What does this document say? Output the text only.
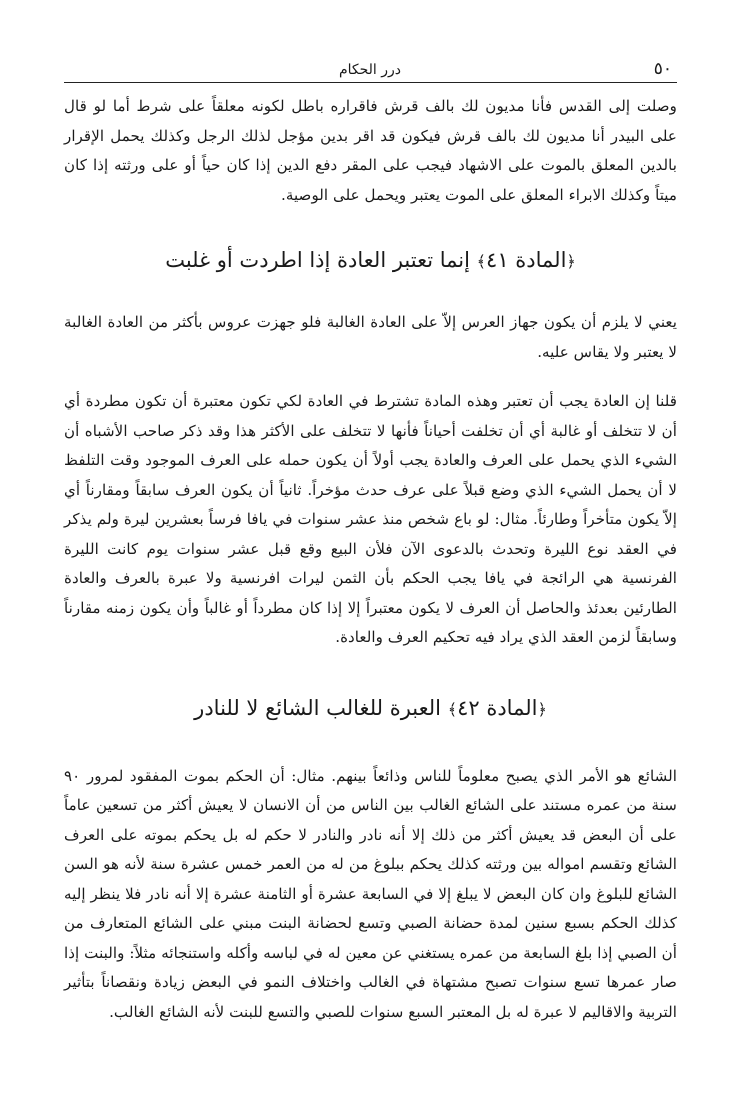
٥٠
درر الحكام

وصلت إلى القدس فأنا مديون لك بالف قرش فاقراره باطل لكونه معلقاً على شرط أما لو قال على البيدر أنا مديون لك بالف قرش فيكون قد اقر بدين مؤجل لذلك الرجل وكذلك يحمل الإقرار بالدين المعلق بالموت على الاشهاد فيجب على المقر دفع الدين إذا كان حياً أو على ورثته إذا كان ميتاً وكذلك الابراء المعلق على الموت يعتبر ويحمل على الوصية.

﴿المادة ٤١﴾ إنما تعتبر العادة إذا اطردت أو غلبت

يعني لا يلزم أن يكون جهاز العرس إلاّ على العادة الغالبة فلو جهزت عروس بأكثر من العادة الغالبة لا يعتبر ولا يقاس عليه.

قلنا إن العادة يجب أن تعتبر وهذه المادة تشترط في العادة لكي تكون معتبرة أن تكون مطردة أي أن لا تتخلف أو غالبة أي أن تخلفت أحياناً فأنها لا تتخلف على الأكثر هذا وقد ذكر صاحب الأشباه أن الشيء الذي يحمل على العرف والعادة يجب أولاً أن يكون حمله على العرف الموجود وقت التلفظ لا أن يحمل الشيء الذي وضع قبلاً على عرف حدث مؤخراً. ثانياً أن يكون العرف سابقاً ومقارناً أي إلاّ يكون متأخراً وطارئاً. مثال: لو باع شخص منذ عشر سنوات في يافا فرساً بعشرين ليرة ولم يذكر في العقد نوع الليرة وتحدث بالدعوى الآن فلأن البيع وقع قبل عشر سنوات يوم كانت الليرة الفرنسية هي الرائجة في يافا يجب الحكم بأن الثمن ليرات افرنسية ولا عبرة بالعرف والعادة الطارئين بعدئذ والحاصل أن العرف لا يكون معتبراً إلا إذا كان مطرداً أو غالباً وأن يكون زمنه مقارناً وسابقاً لزمن العقد الذي يراد فيه تحكيم العرف والعادة.

﴿المادة ٤٢﴾ العبرة للغالب الشائع لا للنادر

الشائع هو الأمر الذي يصبح معلوماً للناس وذائعاً بينهم. مثال: أن الحكم بموت المفقود لمرور ٩٠ سنة من عمره مستند على الشائع الغالب بين الناس من أن الانسان لا يعيش أكثر من تسعين عاماً على أن البعض قد يعيش أكثر من ذلك إلا أنه نادر والنادر لا حكم له بل يحكم بموته على العرف الشائع وتقسم امواله بين ورثته كذلك يحكم ببلوغ من له من العمر خمس عشرة سنة لأنه هو السن الشائع للبلوغ وان كان البعض لا يبلغ إلا في السابعة عشرة أو الثامنة عشرة إلا أنه نادر فلا ينظر إليه كذلك الحكم بسبع سنين لمدة حضانة الصبي وتسع لحضانة البنت مبني على الشائع المتعارف من أن الصبي إذا بلغ السابعة من عمره يستغني عن معين له في لباسه وأكله واستنجائه مثلاً: والبنت إذا صار عمرها تسع سنوات تصبح مشتهاة في الغالب واختلاف النمو في البعض زيادة ونقصاناً بتأثير التربية والاقاليم لا عبرة له بل المعتبر السبع سنوات للصبي والتسع للبنت لأنه الشائع الغالب.
